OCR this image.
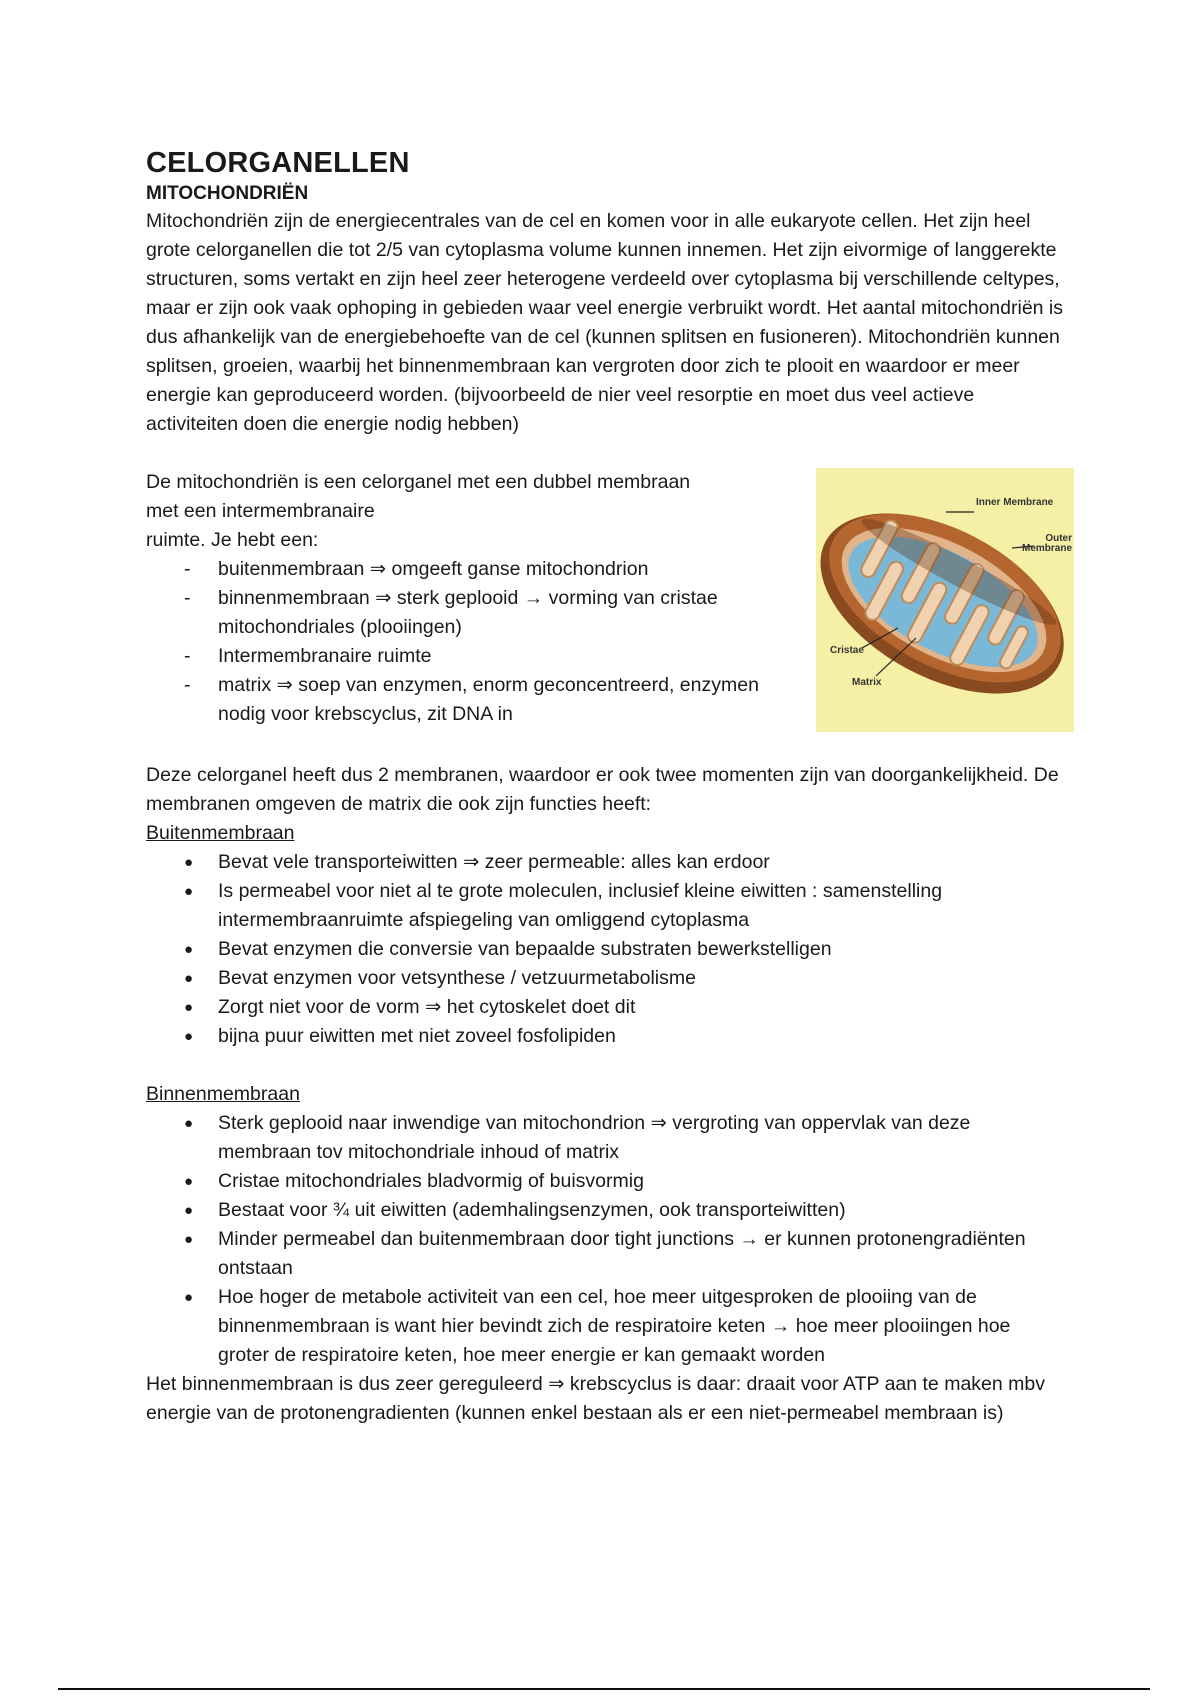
CELORGANELLEN
MITOCHONDRIËN

Mitochondriën zijn de energiecentrales van de cel en komen voor in alle eukaryote cellen. Het zijn heel grote celorganellen die tot 2/5 van cytoplasma volume kunnen innemen. Het zijn eivormige of langgerekte structuren, soms vertakt en zijn heel zeer heterogene verdeeld over cytoplasma bij verschillende celtypes, maar er zijn ook vaak ophoping in gebieden waar veel energie verbruikt wordt. Het aantal mitochondriën is dus afhankelijk van de energiebehoefte van de cel (kunnen splitsen en fusioneren). Mitochondriën kunnen splitsen, groeien, waarbij het binnenmembraan kan vergroten door zich te plooit en waardoor er meer energie kan geproduceerd worden. (bijvoorbeeld de nier veel resorptie en moet dus veel actieve activiteiten doen die energie nodig hebben)

De mitochondriën is een celorganel met een dubbel membraan

met een intermembranaire

ruimte. Je hebt een:

- buitenmembraan ⇒ omgeeft ganse mitochondrion
- binnenmembraan ⇒ sterk geplooid → vorming van cristae mitochondriales (plooiingen)
- Intermembranaire ruimte
- matrix ⇒ soep van enzymen, enorm geconcentreerd, enzymen nodig voor krebscyclus, zit DNA in
Inner Membrane
Outer Membrane
Cristae
Matrix

Deze celorganel heeft dus 2 membranen, waardoor er ook twee momenten zijn van doorgankelijkheid. De membranen omgeven de matrix die ook zijn functies heeft:

Buitenmembraan

● Bevat vele transporteiwitten ⇒ zeer permeable: alles kan erdoor
● Is permeabel voor niet al te grote moleculen, inclusief kleine eiwitten : samenstelling intermembraanruimte afspiegeling van omliggend cytoplasma
● Bevat enzymen die conversie van bepaalde substraten bewerkstelligen
● Bevat enzymen voor vetsynthese / vetzuurmetabolisme
● Zorgt niet voor de vorm ⇒ het cytoskelet doet dit
● bijna puur eiwitten met niet zoveel fosfolipiden

Binnenmembraan

● Sterk geplooid naar inwendige van mitochondrion ⇒ vergroting van oppervlak van deze membraan tov mitochondriale inhoud of matrix
● Cristae mitochondriales bladvormig of buisvormig
● Bestaat voor ¾ uit eiwitten (ademhalingsenzymen, ook transporteiwitten)
● Minder permeabel dan buitenmembraan door tight junctions → er kunnen protonengradiënten ontstaan
● Hoe hoger de metabole activiteit van een cel, hoe meer uitgesproken de plooiing van de binnenmembraan is want hier bevindt zich de respiratoire keten → hoe meer plooiingen hoe groter de respiratoire keten, hoe meer energie er kan gemaakt worden

Het binnenmembraan is dus zeer gereguleerd ⇒ krebscyclus is daar: draait voor ATP aan te maken mbv energie van de protonengradienten (kunnen enkel bestaan als er een niet-permeabel membraan is)
